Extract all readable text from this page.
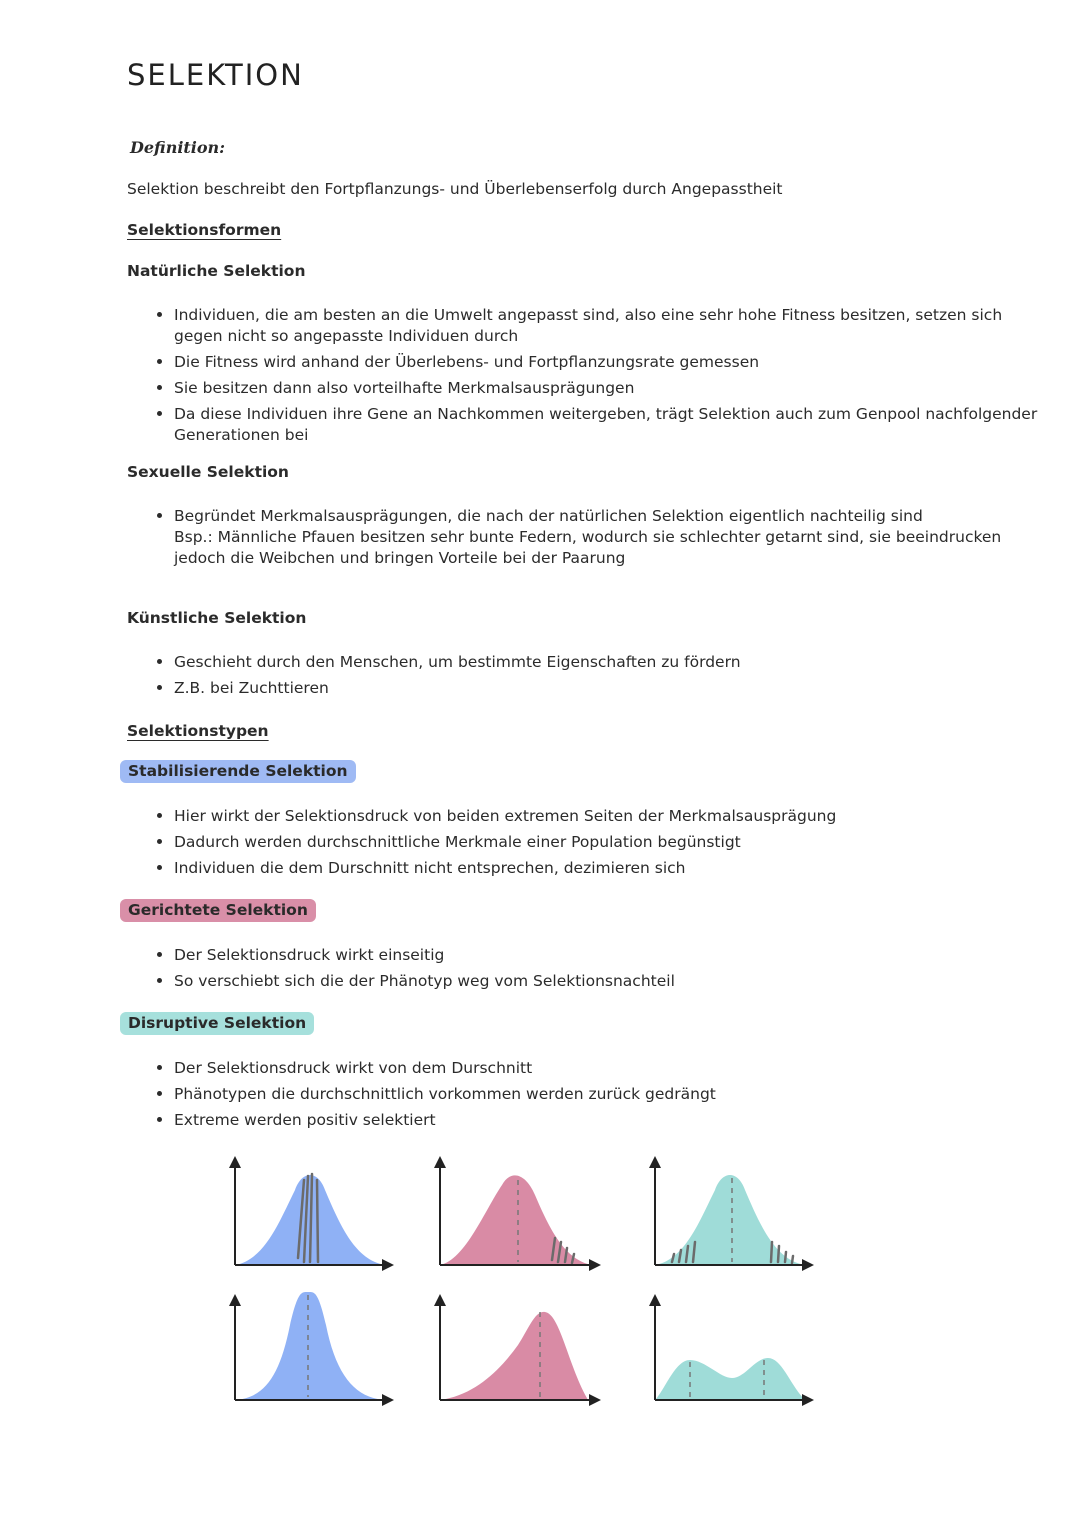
SELEKTION
Definition:
Selektion beschreibt den Fortpflanzungs- und Überlebenserfolg durch Angepasstheit
Selektionsformen
Natürliche Selektion
• Individuen, die am besten an die Umwelt angepasst sind, also eine sehr hohe Fitness besitzen, setzen sich gegen nicht so angepasste Individuen durch
• Die Fitness wird anhand der Überlebens- und Fortpflanzungsrate gemessen
• Sie besitzen dann also vorteilhafte Merkmalsausprägungen
• Da diese Individuen ihre Gene an Nachkommen weitergeben, trägt Selektion auch zum Genpool nachfolgender Generationen bei
Sexuelle Selektion
• Begründet Merkmalsausprägungen, die nach der natürlichen Selektion eigentlich nachteilig sind
Bsp.: Männliche Pfauen besitzen sehr bunte Federn, wodurch sie schlechter getarnt sind, sie beeindrucken jedoch die Weibchen und bringen Vorteile bei der Paarung
Künstliche Selektion
• Geschieht durch den Menschen, um bestimmte Eigenschaften zu fördern
• Z.B. bei Zuchttieren
Selektionstypen
Stabilisierende Selektion
• Hier wirkt der Selektionsdruck von beiden extremen Seiten der Merkmalsausprägung
• Dadurch werden durchschnittliche Merkmale einer Population begünstigt
• Individuen die dem Durschnitt nicht entsprechen, dezimieren sich
Gerichtete Selektion
• Der Selektionsdruck wirkt einseitig
• So verschiebt sich die der Phänotyp weg vom Selektionsnachteil
Disruptive Selektion
• Der Selektionsdruck wirkt von dem Durschnitt
• Phänotypen die durchschnittlich vorkommen werden zurück gedrängt
• Extreme werden positiv selektiert
